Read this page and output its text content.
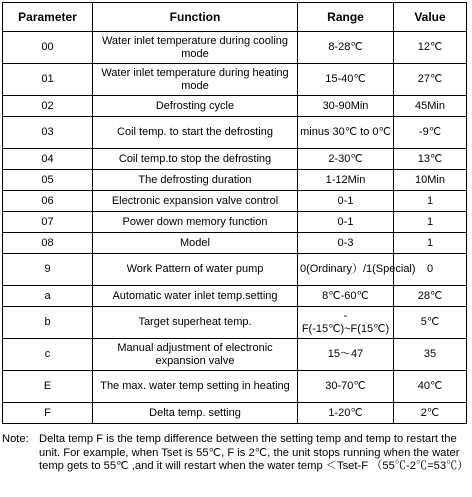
Parameter	Function	Range	Value
00	Water inlet temperature during cooling mode	8-28℃	12℃
01	Water inlet temperature during heating mode	15-40℃	27℃
02	Defrosting cycle	30-90Min	45Min
03	Coil temp. to start the defrosting	minus 30℃ to 0℃	-9℃
04	Coil temp.to stop the defrosting	2-30℃	13℃
05	The defrosting duration	1-12Min	10Min
06	Electronic expansion valve control	0-1	1
07	Power down memory function	0-1	1
08	Model	0-3	1
9	Work Pattern of water pump	0(Ordinary）/1(Special)	0
a	Automatic water inlet temp.setting	8℃-60℃	28℃
b	Target superheat temp.	-F(-15℃)~F(15℃)	5℃
c	Manual adjustment of electronic expansion valve	15～47	35
E	The max. water temp setting in heating	30-70℃	40℃
F	Delta temp. setting	1-20℃	2℃
Note: Delta temp F is the temp difference between the setting temp and temp to restart the unit. For example, when Tset is 55℃, F is 2℃, the unit stops running when the water temp gets to 55℃ ,and it will restart when the water temp ＜Tset-F （55℃-2℃=53℃）
